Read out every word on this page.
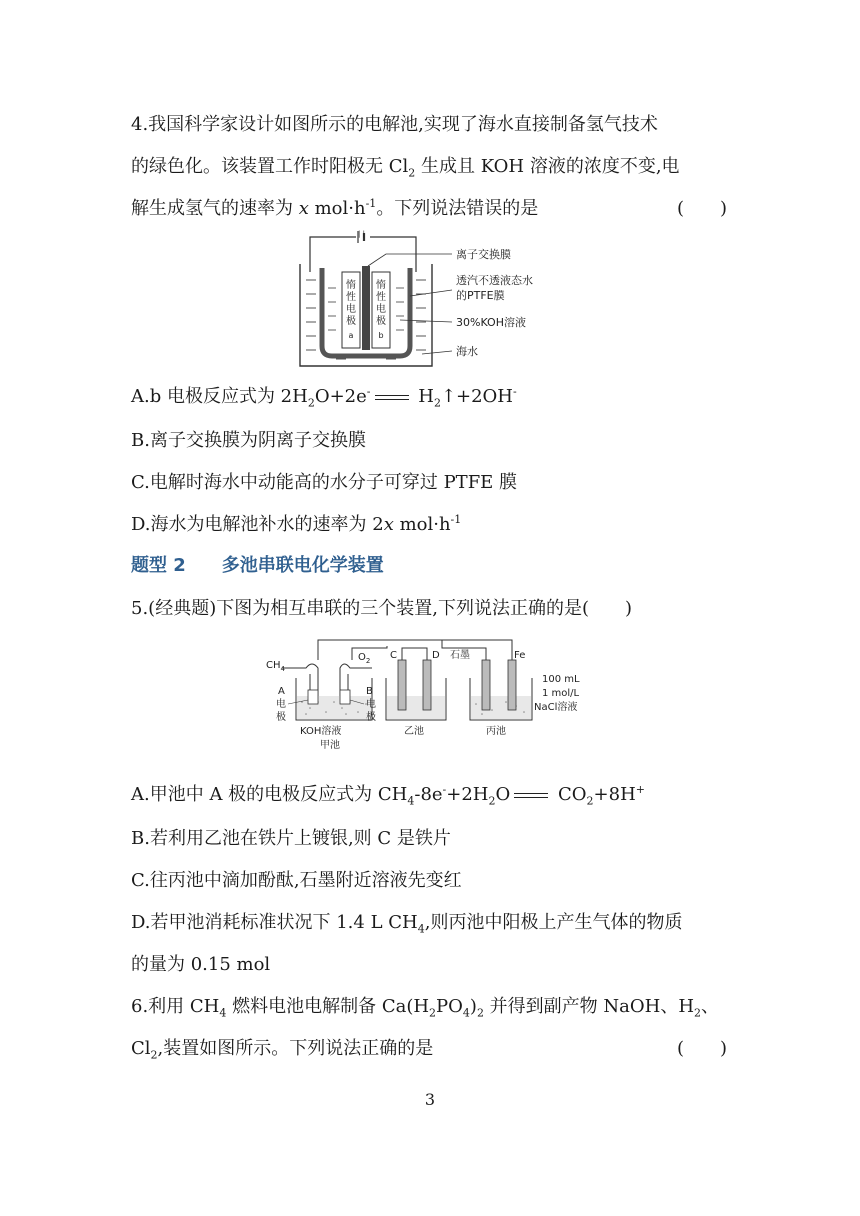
4.我国科学家设计如图所示的电解池,实现了海水直接制备氢气技术
的绿色化。该装置工作时阳极无 $Cl_2$ 生成且 KOH 溶液的浓度不变,电
解生成氢气的速率为 x $mol\cdot h^{-1}$。下列说法错误的是	(　　)
| |
惰
性
电
极
a
惰
性
电
极
b
离子交换膜
透汽不透液态水
的PTFE膜
30%KOH溶液
海水
A.b 电极反应式为 $2H_2O+2e^-$ $H_2↑+2OH^-$
B.离子交换膜为阴离子交换膜
C.电解时海水中动能高的水分子可穿过 PTFE 膜
D.海水为电解池补水的速率为 2x $mol\cdot h^{-1}$
题型 2 多池串联电化学装置
5.(经典题)下图为相互串联的三个装置,下列说法正确的是(　　)
$CH_4$
$O_2$ C	D 石墨	Fe
A
电
极
B
电
极
KOH溶液
甲池
乙池	丙池
100 mL
1 mol/L
NaCl溶液
A.甲池中 A 极的电极反应式为 $CH_4-8e^-+2H_2O$ $CO_2+8H^+$
B.若利用乙池在铁片上镀银,则 C 是铁片
C.往丙池中滴加酚酞,石墨附近溶液先变红
D.若甲池消耗标准状况下 1.4 L $CH_4$,则丙池中阳极上产生气体的物质
的量为 0.15 mol
6.利用 $CH_4$ 燃料电池电解制备 $Ca(H_2PO_4)_2$ 并得到副产物 NaOH、$H_2$、
$Cl_2$,装置如图所示。下列说法正确的是	(　　)
3
